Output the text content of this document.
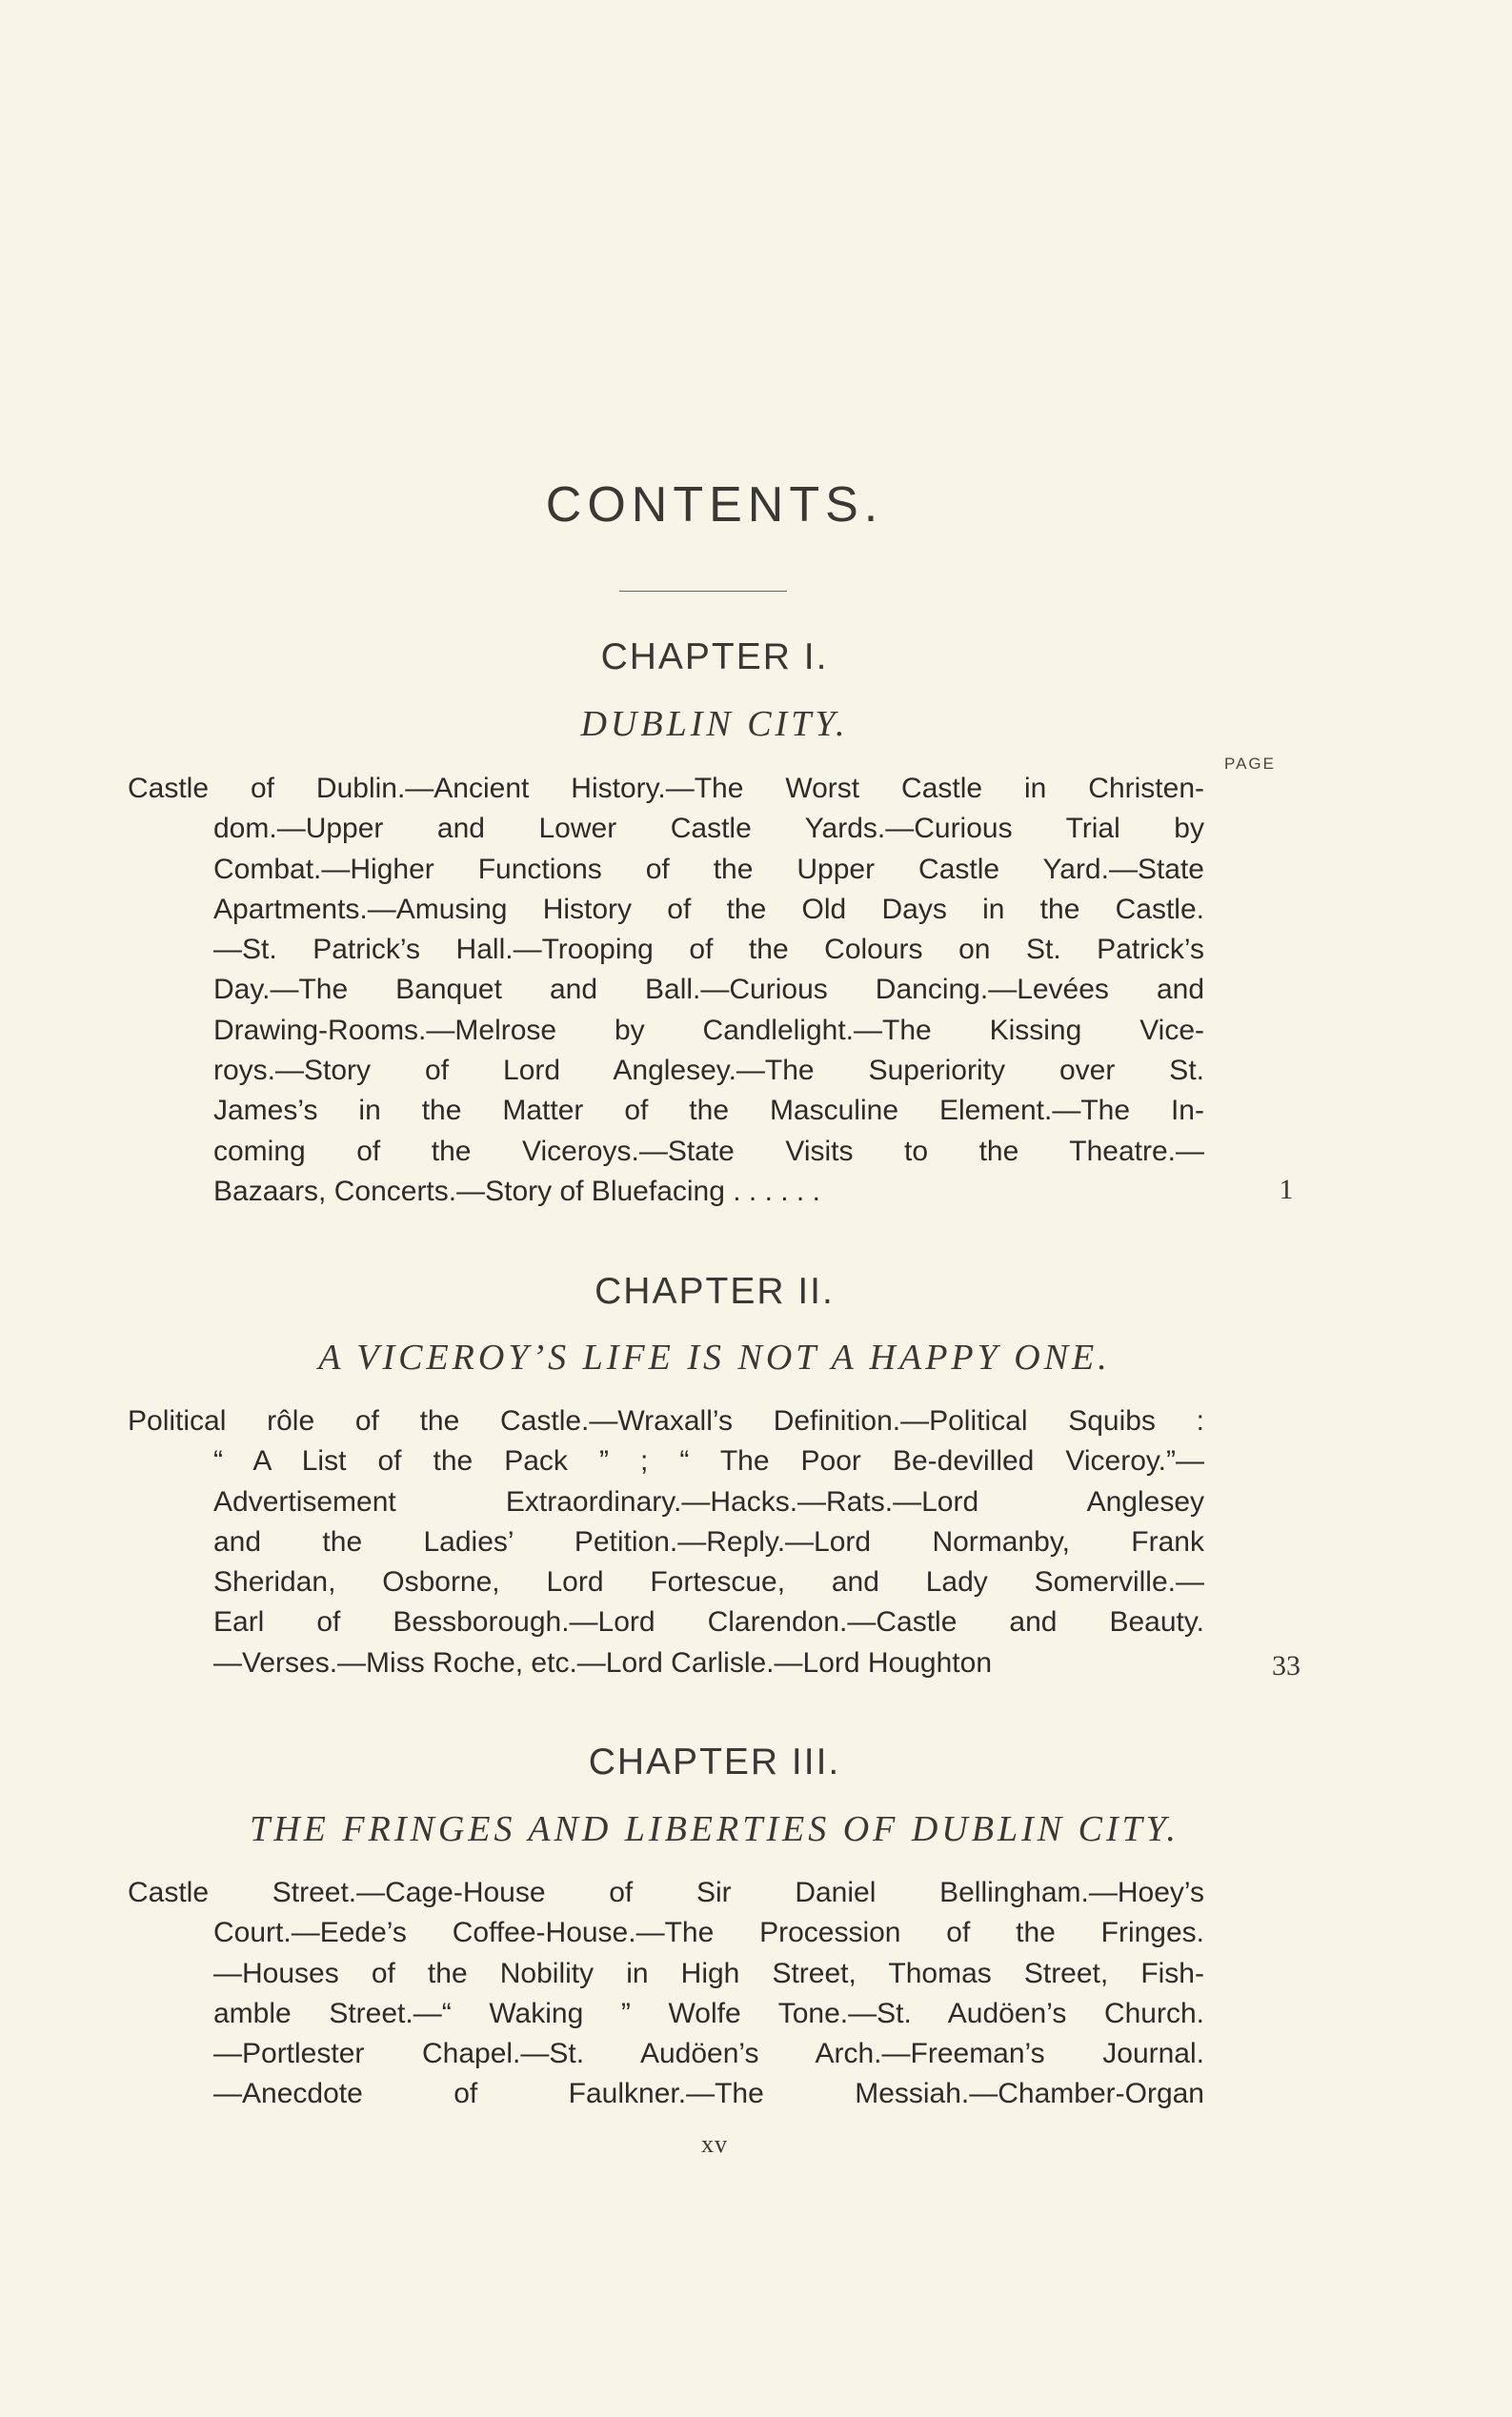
CONTENTS.
CHAPTER I.
DUBLIN CITY.
PAGE
Castle of Dublin.—Ancient History.—The Worst Castle in Christen-
dom.—Upper and Lower Castle Yards.—Curious Trial by
Combat.—Higher Functions of the Upper Castle Yard.—State
Apartments.—Amusing History of the Old Days in the Castle.
—St. Patrick’s Hall.—Trooping of the Colours on St. Patrick’s
Day.—The Banquet and Ball.—Curious Dancing.—Levées and
Drawing-Rooms.—Melrose by Candlelight.—The Kissing Vice-
roys.—Story of Lord Anglesey.—The Superiority over St.
James’s in the Matter of the Masculine Element.—The In-
coming of the Viceroys.—State Visits to the Theatre.—
Bazaars, Concerts.—Story of Bluefacing . . . . . .	1
CHAPTER II.
A VICEROY’S LIFE IS NOT A HAPPY ONE.
Political rôle of the Castle.—Wraxall’s Definition.—Political Squibs :
“ A List of the Pack ” ; “ The Poor Be-devilled Viceroy.”—
Advertisement Extraordinary.—Hacks.—Rats.—Lord Anglesey
and the Ladies’ Petition.—Reply.—Lord Normanby, Frank
Sheridan, Osborne, Lord Fortescue, and Lady Somerville.—
Earl of Bessborough.—Lord Clarendon.—Castle and Beauty.
—Verses.—Miss Roche, etc.—Lord Carlisle.—Lord Houghton	33
CHAPTER III.
THE FRINGES AND LIBERTIES OF DUBLIN CITY.
Castle Street.—Cage-House of Sir Daniel Bellingham.—Hoey’s
Court.—Eede’s Coffee-House.—The Procession of the Fringes.
—Houses of the Nobility in High Street, Thomas Street, Fish-
amble Street.—“ Waking ” Wolfe Tone.—St. Audöen’s Church.
—Portlester Chapel.—St. Audöen’s Arch.—Freeman’s Journal.
—Anecdote of Faulkner.—The Messiah.—Chamber-Organ
xv
